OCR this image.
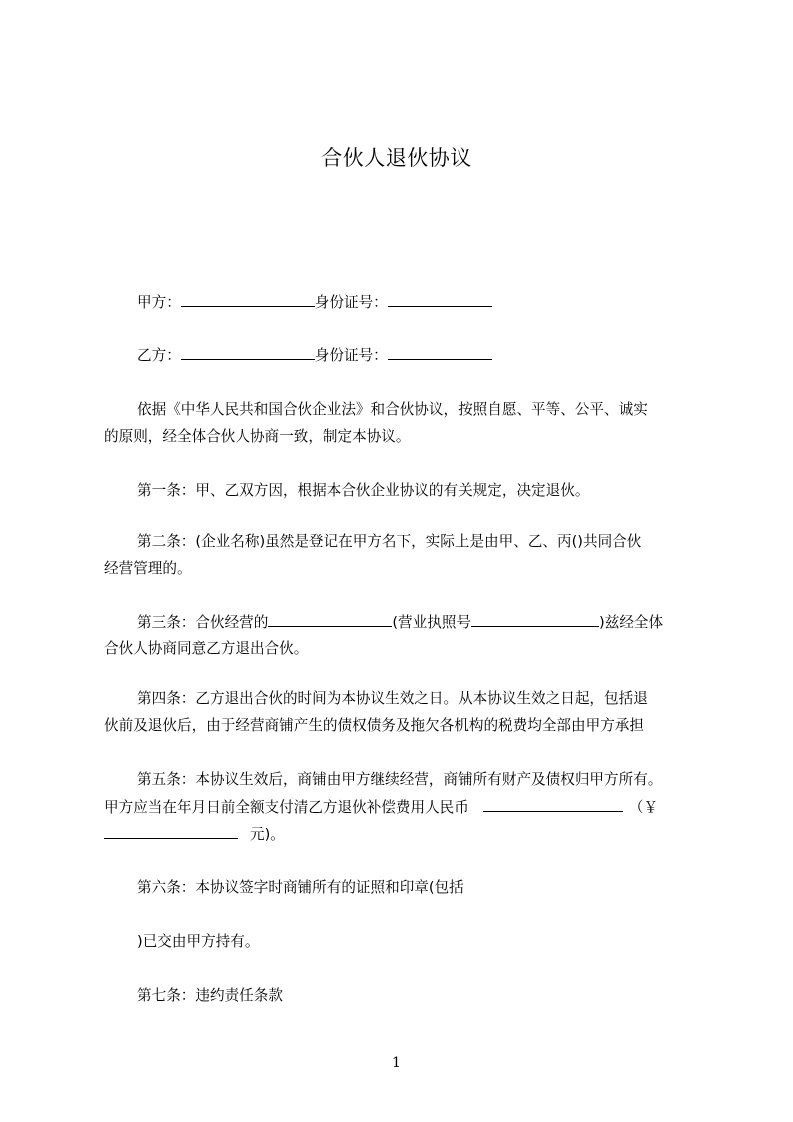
合伙人退伙协议
甲方：	身份证号：
乙方：	身份证号：
依据《中华人民共和国合伙企业法》和合伙协议，按照自愿、平等、公平、诚实
的原则，经全体合伙人协商一致，制定本协议。
第一条：甲、乙双方因，根据本合伙企业协议的有关规定，决定退伙。
第二条：(企业名称)虽然是登记在甲方名下，实际上是由甲、乙、丙()共同合伙
经营管理的。
第三条：合伙经营的	(营业执照号	)兹经全体
合伙人协商同意乙方退出合伙。
第四条：乙方退出合伙的时间为本协议生效之日。从本协议生效之日起，包括退
伙前及退伙后，由于经营商铺产生的债权债务及拖欠各机构的税费均全部由甲方承担
第五条：本协议生效后，商铺由甲方继续经营，商铺所有财产及债权归甲方所有。
甲方应当在年月日前全额支付清乙方退伙补偿费用人民币	（￥
元)。
第六条：本协议签字时商铺所有的证照和印章(包括
)已交由甲方持有。
第七条：违约责任条款
1
